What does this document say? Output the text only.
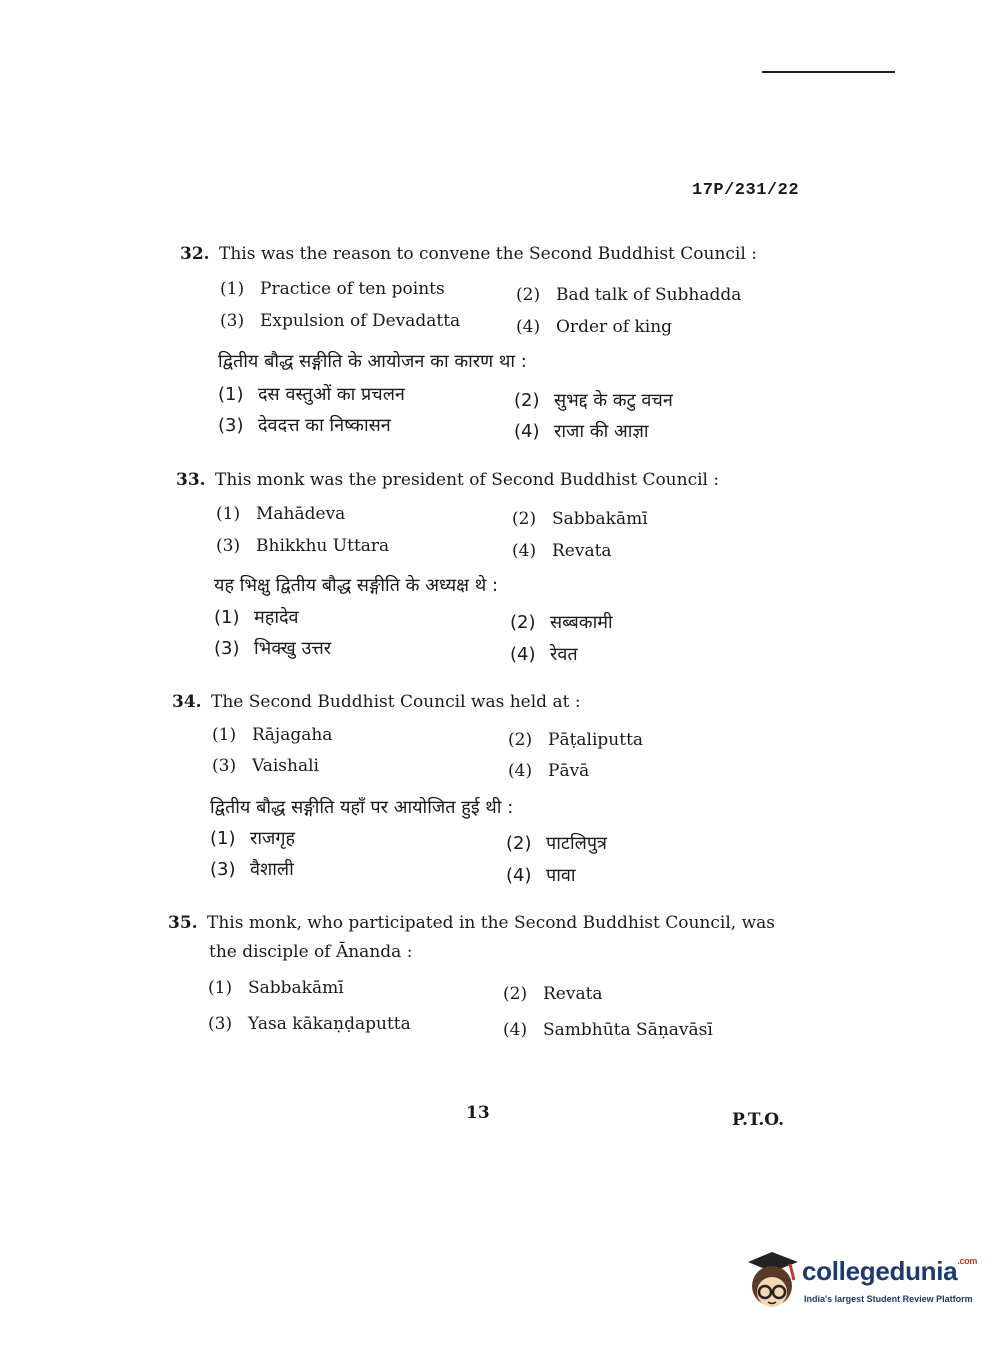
17P/231/22
32. This was the reason to convene the Second Buddhist Council :
(1) Practice of ten points	(2) Bad talk of Subhadda
(3) Expulsion of Devadatta	(4) Order of king
द्वितीय बौद्ध सङ्गीति के आयोजन का कारण था :
(1) दस वस्तुओं का प्रचलन	(2) सुभद्द के कटु वचन
(3) देवदत्त का निष्कासन	(4) राजा की आज्ञा
33. This monk was the president of Second Buddhist Council :
(1) Mahādeva	(2) Sabbakāmī
(3) Bhikkhu Uttara	(4) Revata
यह भिक्षु द्वितीय बौद्ध सङ्गीति के अध्यक्ष थे :
(1) महादेव	(2) सब्बकामी
(3) भिक्खु उत्तर	(4) रेवत
34. The Second Buddhist Council was held at :
(1) Rājagaha	(2) Pāṭaliputta
(3) Vaishali	(4) Pāvā
द्वितीय बौद्ध सङ्गीति यहाँ पर आयोजित हुई थी :
(1) राजगृह	(2) पाटलिपुत्र
(3) वैशाली	(4) पावा
35. This monk, who participated in the Second Buddhist Council, was
the disciple of Ānanda :
(1) Sabbakāmī	(2) Revata
(3) Yasa kākaṇḍaputta	(4) Sambhūta Sāṇavāsī
13	P.T.O.
collegedunia$^{.com}$
India's largest Student Review Platform
